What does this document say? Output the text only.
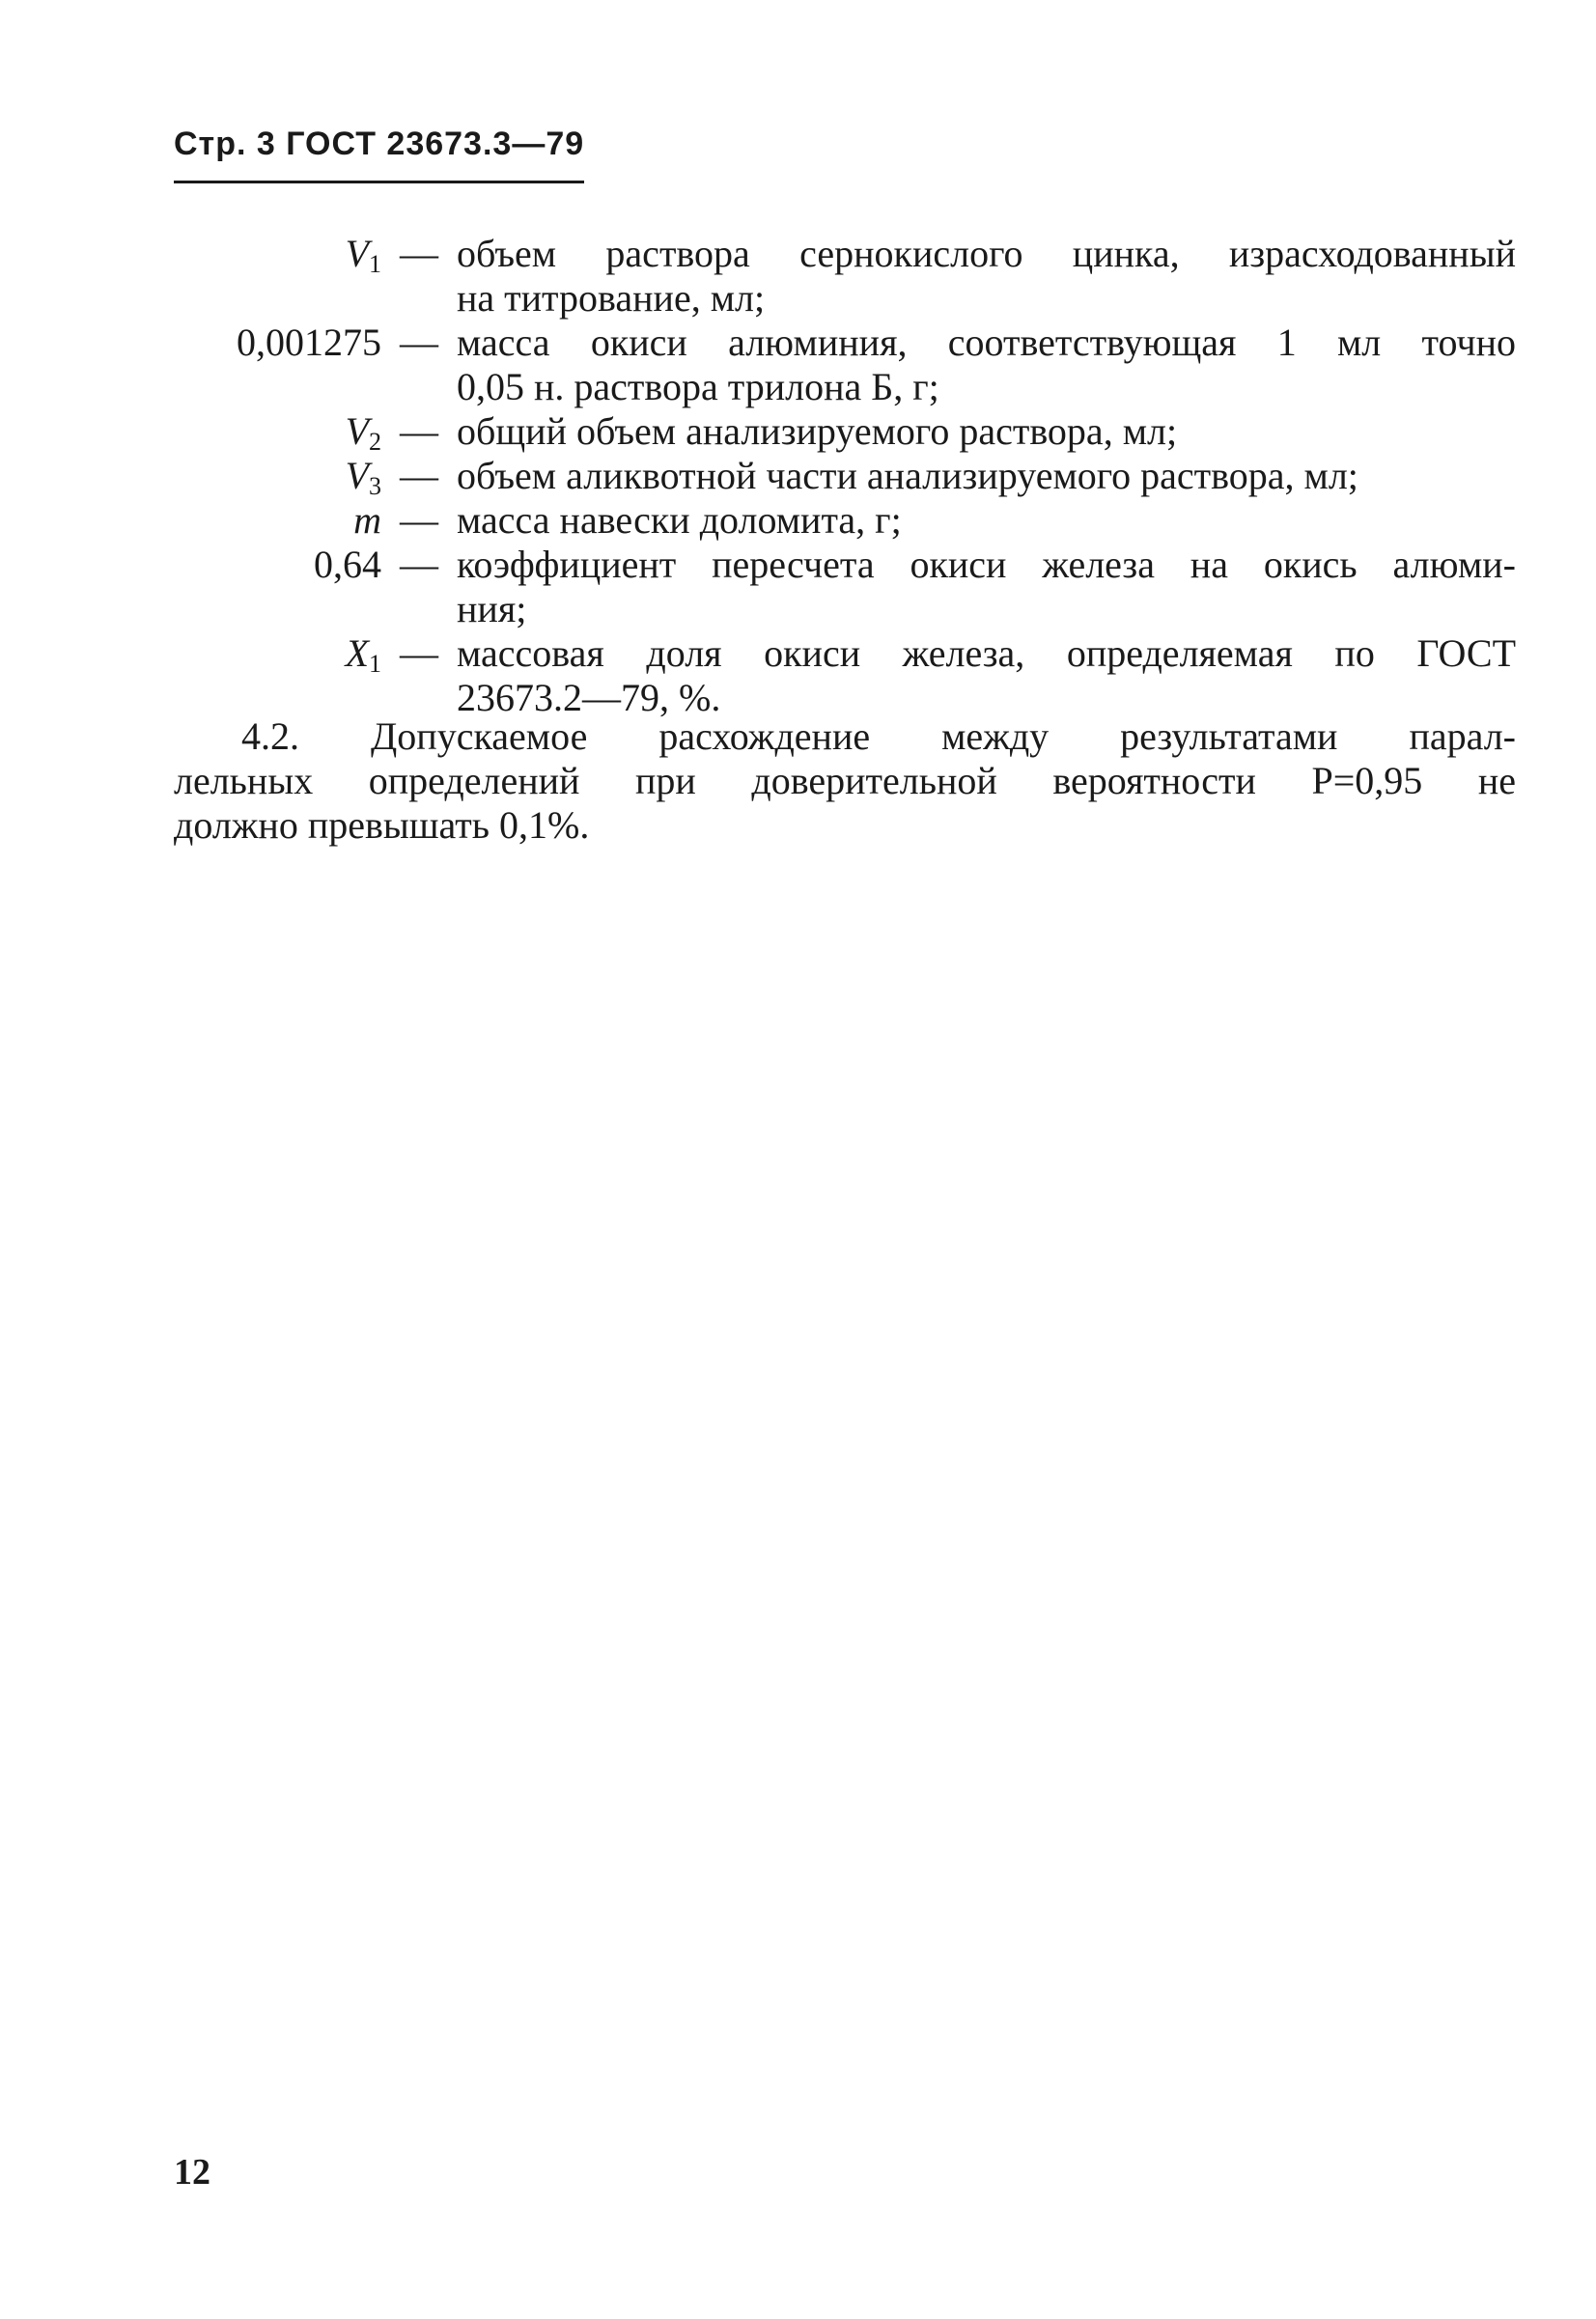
Стр. 3 ГОСТ 23673.3—79
$V_1$ — объем раствора сернокислого цинка, израсходованный
на титрование, мл;
0,001275 — масса окиси алюминия, соответствующая 1 мл точно
0,05 н. раствора трилона Б, г;
$V_2$ — общий объем анализируемого раствора, мл;
$V_3$ — объем аликвотной части анализируемого раствора, мл;
m — масса навески доломита, г;
0,64 — коэффициент пересчета окиси железа на окись алюми-
ния;
$X_1$ — массовая доля окиси железа, определяемая по ГОСТ
23673.2—79, %.
4.2. Допускаемое расхождение между результатами парал-
лельных определений при доверительной вероятности P=0,95 не
должно превышать 0,1%.
12
